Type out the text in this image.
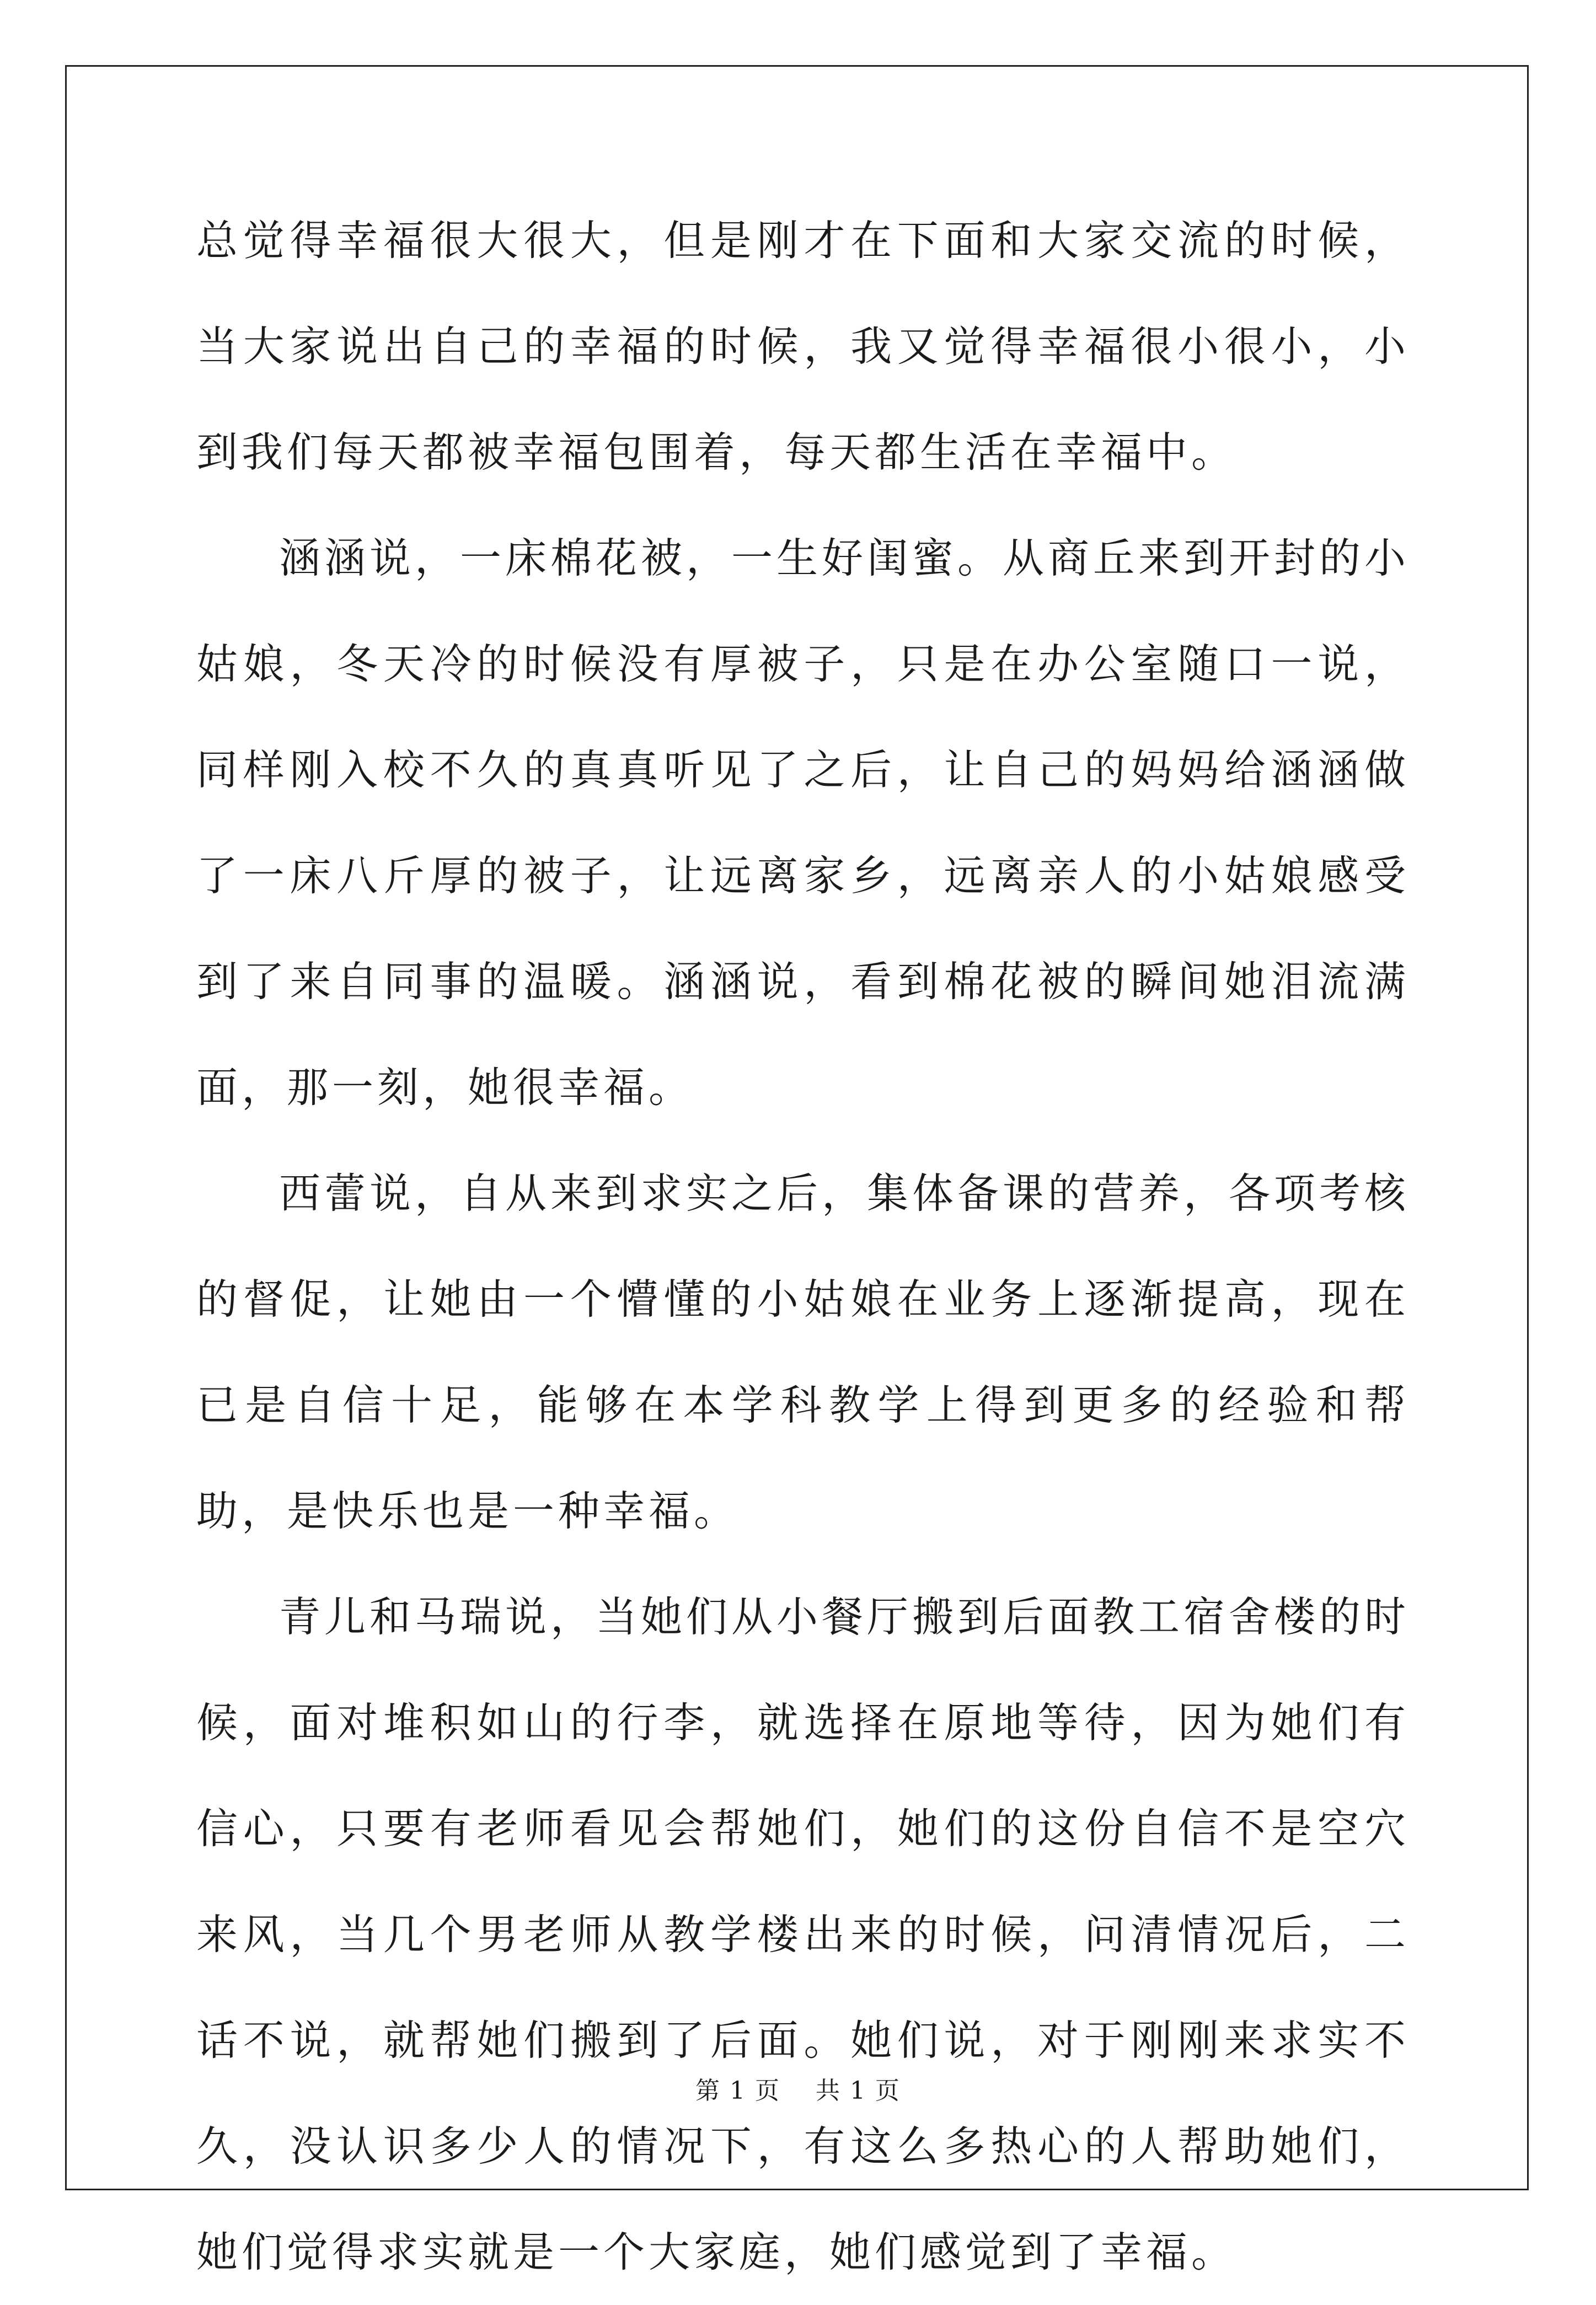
总觉得幸福很大很大，但是刚才在下面和大家交流的时候，当大家说出自己的幸福的时候，我又觉得幸福很小很小，小到我们每天都被幸福包围着，每天都生活在幸福中。

涵涵说，一床棉花被，一生好闺蜜。从商丘来到开封的小姑娘，冬天冷的时候没有厚被子，只是在办公室随口一说，同样刚入校不久的真真听见了之后，让自己的妈妈给涵涵做了一床八斤厚的被子，让远离家乡，远离亲人的小姑娘感受到了来自同事的温暖。涵涵说，看到棉花被的瞬间她泪流满面，那一刻，她很幸福。

西蕾说，自从来到求实之后，集体备课的营养，各项考核的督促，让她由一个懵懂的小姑娘在业务上逐渐提高，现在已是自信十足，能够在本学科教学上得到更多的经验和帮助，是快乐也是一种幸福。

青儿和马瑞说，当她们从小餐厅搬到后面教工宿舍楼的时候，面对堆积如山的行李，就选择在原地等待，因为她们有信心，只要有老师看见会帮她们，她们的这份自信不是空穴来风，当几个男老师从教学楼出来的时候，问清情况后，二话不说，就帮她们搬到了后面。她们说，对于刚刚来求实不久，没认识多少人的情况下，有这么多热心的人帮助她们，她们觉得求实就是一个大家庭，她们感觉到了幸福。

第 1 页 共 1 页
